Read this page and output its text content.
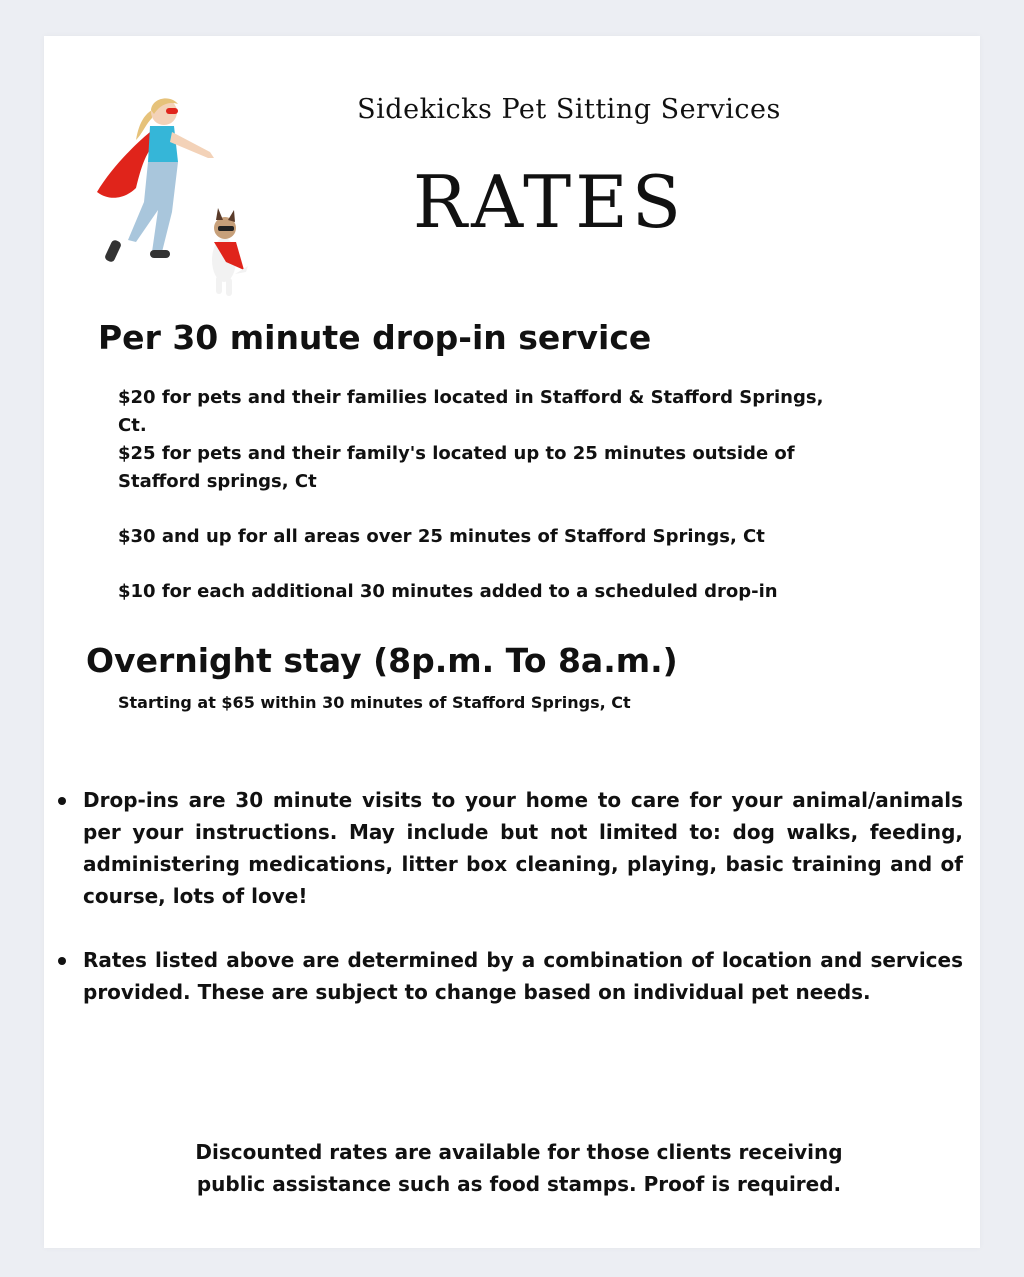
Sidekicks Pet Sitting Services
RATES
Per 30 minute drop-in service
$20 for pets and their families located in Stafford & Stafford Springs, Ct.
$25 for pets and their family's located up to 25 minutes outside of Stafford springs, Ct
$30 and up for all areas over 25 minutes of Stafford Springs, Ct
$10 for each additional 30 minutes added to a scheduled drop-in
Overnight stay (8p.m. To 8a.m.)
Starting at $65 within 30 minutes of Stafford Springs, Ct
Drop-ins are 30 minute visits to your home to care for your animal/animals per your instructions. May include but not limited to: dog walks, feeding, administering medications, litter box cleaning, playing, basic training and of course, lots of love!
Rates listed above are determined by a combination of location and services provided. These are subject to change based on individual pet needs.
Discounted rates are available for those clients receiving public assistance such as food stamps. Proof is required.
